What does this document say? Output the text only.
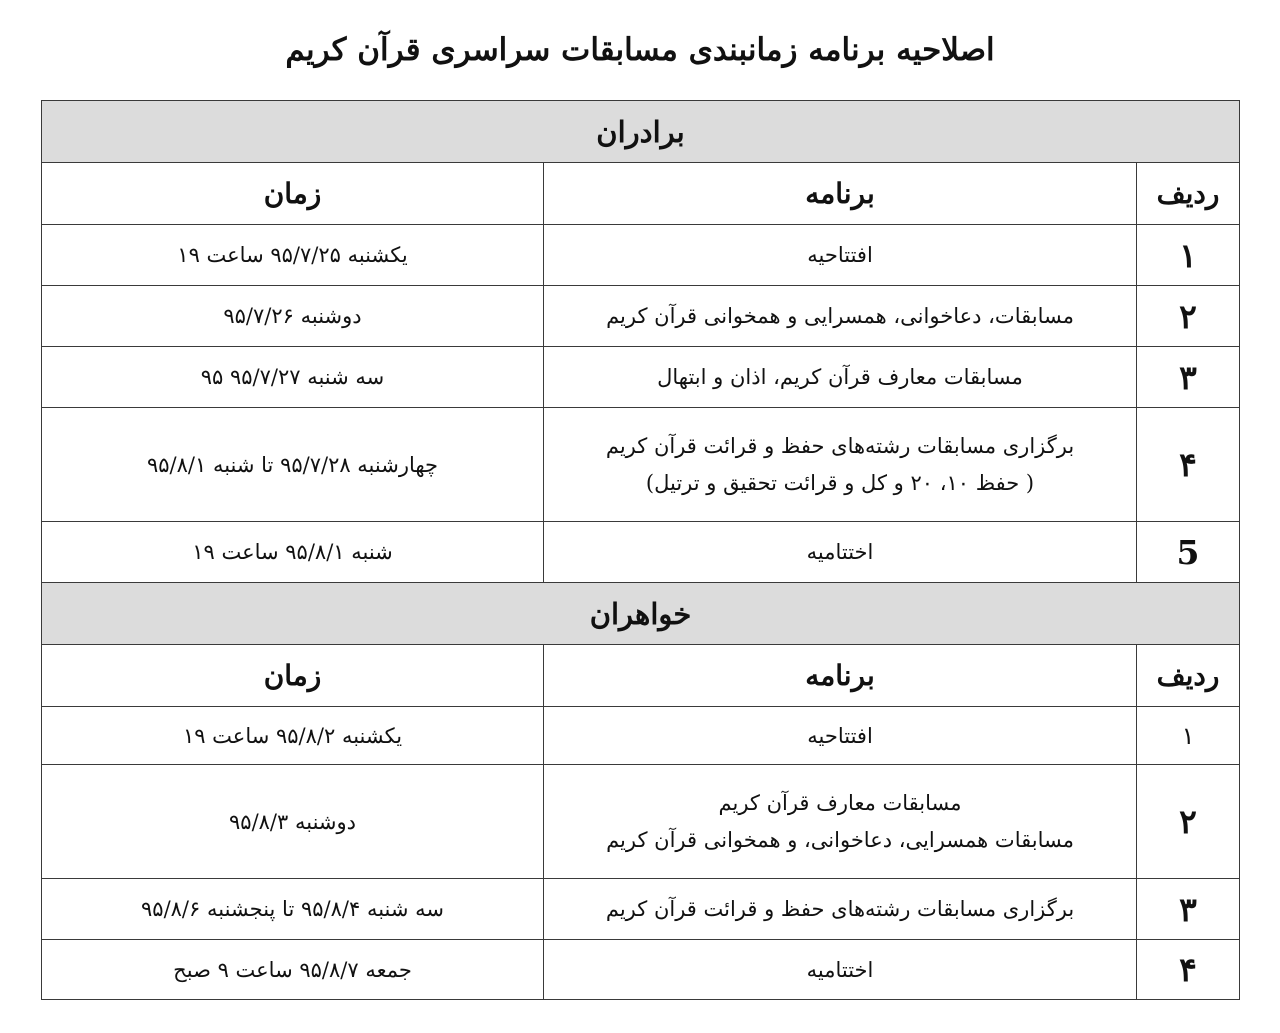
اصلاحیه برنامه زمانبندی مسابقات سراسری قرآن کریم
برادران		
ردیف	برنامه	زمان
۱	افتتاحیه	یکشنبه ۹۵/۷/۲۵ ساعت ۱۹
۲	مسابقات، دعاخوانی، همسرایی و همخوانی قرآن کریم	دوشنبه ۹۵/۷/۲۶
۳	مسابقات معارف قرآن کریم، اذان و ابتهال	سه شنبه ۹۵/۷/۲۷ ۹۵
۴	برگزاری مسابقات رشته‌های حفظ و قرائت قرآن کریم
( حفظ ۱۰، ۲۰ و کل و قرائت تحقیق و ترتیل)	چهارشنبه ۹۵/۷/۲۸ تا شنبه ۹۵/۸/۱
5	اختتامیه	شنبه ۹۵/۸/۱ ساعت ۱۹
خواهران		
ردیف	برنامه	زمان
۱	افتتاحیه	یکشنبه ۹۵/۸/۲ ساعت ۱۹
۲	مسابقات معارف قرآن کریم
مسابقات همسرایی، دعاخوانی، و همخوانی قرآن کریم	دوشنبه ۹۵/۸/۳
۳	برگزاری مسابقات رشته‌های حفظ و قرائت قرآن کریم	سه شنبه ۹۵/۸/۴ تا پنجشنبه ۹۵/۸/۶
۴	اختتامیه	جمعه ۹۵/۸/۷ ساعت ۹ صبح
